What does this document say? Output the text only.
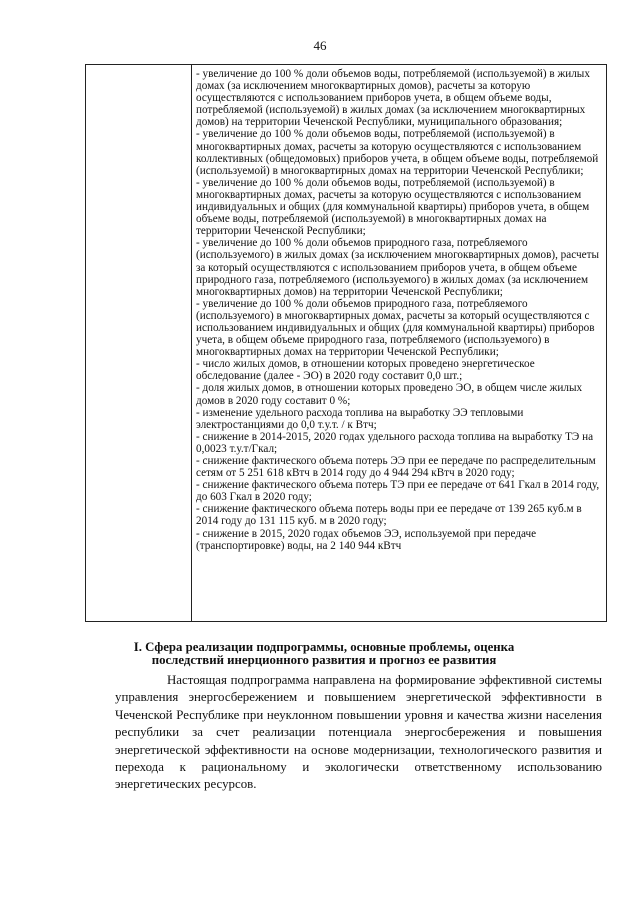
46

- увеличение до 100 % доли объемов воды, потребляемой (используемой) в жилых домах (за исключением многоквартирных домов), расчеты за которую осуществляются с использованием приборов учета, в общем объеме воды, потребляемой (используемой) в жилых домах (за исключением многоквартирных домов) на территории Чеченской Республики, муниципального образования;

- увеличение до 100 % доли объемов воды, потребляемой (используемой) в многоквартирных домах, расчеты за которую осуществляются с использованием коллективных (общедомовых) приборов учета, в общем объеме воды, потребляемой (используемой) в многоквартирных домах на территории Чеченской Республики;

- увеличение до 100 % доли объемов воды, потребляемой (используемой) в многоквартирных домах, расчеты за которую осуществляются с использованием индивидуальных и общих (для коммунальной квартиры) приборов учета, в общем объеме воды, потребляемой (используемой) в многоквартирных домах на территории Чеченской Республики;

- увеличение до 100 % доли объемов природного газа, потребляемого (используемого) в жилых домах (за исключением многоквартирных домов), расчеты за который осуществляются с использованием приборов учета, в общем объеме природного газа, потребляемого (используемого) в жилых домах (за исключением многоквартирных домов) на территории Чеченской Республики;

- увеличение до 100 % доли объемов природного газа, потребляемого (используемого) в многоквартирных домах, расчеты за который осуществляются с использованием индивидуальных и общих (для коммунальной квартиры) приборов учета, в общем объеме природного газа, потребляемого (используемого) в многоквартирных домах на территории Чеченской Республики;

- число жилых домов, в отношении которых проведено энергетическое обследование (далее - ЭО) в 2020 году составит 0,0 шт.;

- доля жилых домов, в отношении которых проведено ЭО, в общем числе жилых домов в 2020 году составит 0 %;

- изменение удельного расхода топлива на выработку ЭЭ тепловыми электростанциями до 0,0 т.у.т. / к Втч;

- снижение в 2014-2015, 2020 годах удельного расхода топлива на выработку ТЭ на 0,0023 т.у.т/Гкал;

- снижение фактического объема потерь ЭЭ при ее передаче по распределительным сетям от 5 251 618 кВтч в 2014 году до 4 944 294 кВтч в 2020 году;

- снижение фактического объема потерь ТЭ при ее передаче от 641 Гкал в 2014 году, до 603 Гкал в 2020 году;

- снижение фактического объема потерь воды при ее передаче от 139 265 куб.м в 2014 году до 131 115 куб. м в 2020 году;

- снижение в 2015, 2020 годах объемов ЭЭ, используемой при передаче (транспортировке) воды, на 2 140 944 кВтч

I. Сфера реализации подпрограммы, основные проблемы, оценка последствий инерционного развития и прогноз ее развития

Настоящая подпрограмма направлена на формирование эффективной системы управления энергосбережением и повышением энергетической эффективности в Чеченской Республике при неуклонном повышении уровня и качества жизни населения республики за счет реализации потенциала энергосбережения и повышения энергетической эффективности на основе модернизации, технологического развития и перехода к рациональному и экологически ответственному использованию энергетических ресурсов.
